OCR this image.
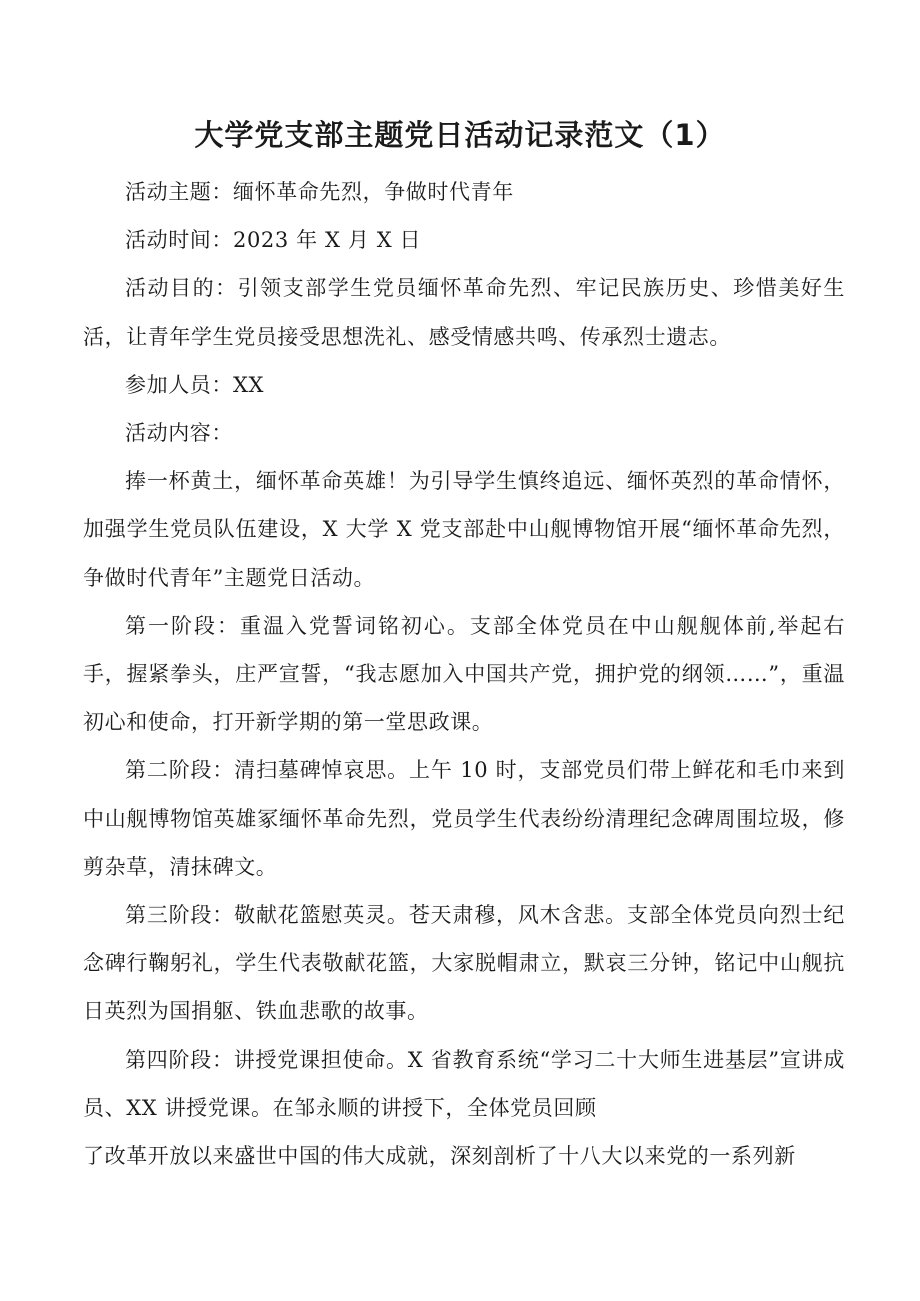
大学党支部主题党日活动记录范文（1）

活动主题：缅怀革命先烈，争做时代青年

活动时间：2023 年 X 月 X 日

活动目的：引领支部学生党员缅怀革命先烈、牢记民族历史、珍惜美好生活，让青年学生党员接受思想洗礼、感受情感共鸣、传承烈士遗志。

参加人员：XX

活动内容：

捧一杯黄土，缅怀革命英雄！为引导学生慎终追远、缅怀英烈的革命情怀，加强学生党员队伍建设，X 大学 X 党支部赴中山舰博物馆开展“缅怀革命先烈，争做时代青年”主题党日活动。

第一阶段：重温入党誓词铭初心。支部全体党员在中山舰舰体前,举起右手，握紧拳头，庄严宣誓，“我志愿加入中国共产党，拥护党的纲领……”，重温初心和使命，打开新学期的第一堂思政课。

第二阶段：清扫墓碑悼哀思。上午 10 时，支部党员们带上鲜花和毛巾来到中山舰博物馆英雄冢缅怀革命先烈，党员学生代表纷纷清理纪念碑周围垃圾，修剪杂草，清抹碑文。

第三阶段：敬献花篮慰英灵。苍天肃穆，风木含悲。支部全体党员向烈士纪念碑行鞠躬礼，学生代表敬献花篮，大家脱帽肃立，默哀三分钟，铭记中山舰抗日英烈为国捐躯、铁血悲歌的故事。

第四阶段：讲授党课担使命。X 省教育系统“学习二十大师生进基层”宣讲成员、XX 讲授党课。在邹永顺的讲授下，全体党员回顾

了改革开放以来盛世中国的伟大成就，深刻剖析了十八大以来党的一系列新
